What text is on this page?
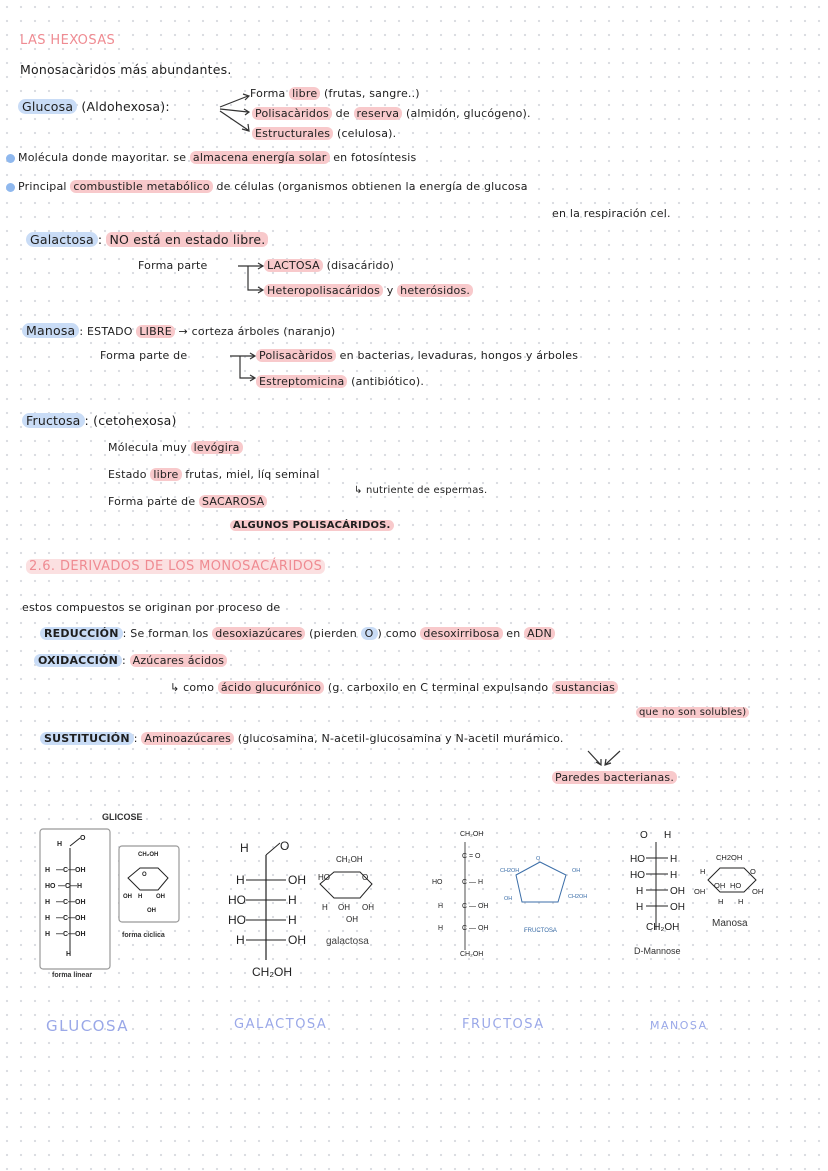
LAS HEXOSAS

Monosacàridos más abundantes.

Glucosa (Aldohexosa):

Forma libre (frutas, sangre..)

Polisacàridos de reserva (almidón, glucógeno).

Estructurales (celulosa).

Molécula donde mayoritar. se almacena energía solar en fotosíntesis

Principal combustible metabólico de células (organismos obtienen la energía de glucosa

en la respiración cel.

Galactosa : NO está en estado libre.

Forma parte	LACTOSA (disacárido)

Heteropolisacáridos y heterósidos.

Manosa : ESTADO LIBRE → corteza árboles (naranjo)

Forma parte de	Polisacàridos en bacterias, levaduras, hongos y árboles

Estreptomicina (antibiótico).

Fructosa : (cetohexosa)

Mólecula muy levógira

Estado libre frutas, miel, líq seminal

↳ nutriente de espermas.

Forma parte de SACAROSA

ALGUNOS POLISACÁRIDOS.

2.6. DERIVADOS DE LOS MONOSACÁRIDOS

estos compuestos se originan por proceso de

REDUCCIÓN : Se forman los desoxiazúcares (pierden O ) como desoxirribosa en ADN

OXIDACCIÓN : Azúcares ácidos

↳ como ácido glucurónico (g. carboxilo en C terminal expulsando sustancias

que no son solubles)

SUSTITUCIÓN : Aminoazúcares (glucosamina, N-acetil-glucosamina y N-acetil murámico.

Paredes bacterianas.

GLICOSE
H
O
H —C—OH
HO —C—H
H —C—OH
H —C—OH
H —C—OH
H
forma linear
CH₂OH
O
OH H OH
OH
forma cíclica
H	O
H	OH
HO	H
HO	H
H	OH
CH₂OH
CH₂OH
HO	O
H OH OH
OH
galactosa
CH₂OH
C = O
HO	C — H
H	C — OH
H	C — OH
CH₂OH
O
CH2OH	OH
OH	CH2OH
FRUCTOSA
O H
HO	H
HO	H
H	OH
H	OH
CH₂OH
D-Mannose
CH2OH
H	O
OH
OH HO
OH
H H
Manosa

GLUCOSA	GALACTOSA	FRUCTOSA	MANOSA
